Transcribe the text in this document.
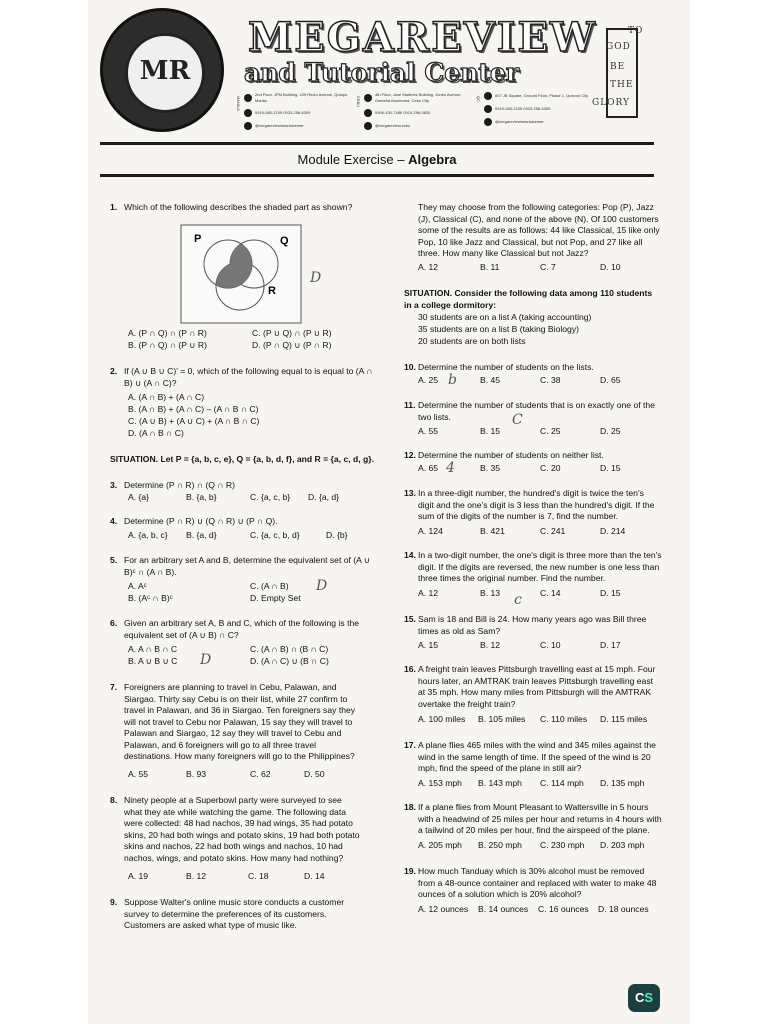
MR
MEGAREVIEW
and Tutorial Center
MANILA
2nd Floor, JPM Building, 229 Recto Avenue, Quiapo, Manila
0919-083-2155 0933-256-6309
@megareviewtutorialcenter
CEBU
4th Floor, Jose Martinez Building, Jones Avenue, Osmeña Boulevard, Cebu City
0906-430-7486 0915-296-0830
@megareview.cebu
QC
#07 JB Square, Ground Floor, Phase 1, Quezon City
0919-083-2155 0933-256-6309
@megareviewtutorialcenter
TO
GOD
BE
THE
GLORY
Module Exercise – Algebra
1. Which of the following describes the shaded part as shown?
P	Q
R
D
A. (P ∩ Q) ∩ (P ∩ R)	C. (P ∪ Q) ∩ (P ∪ R)
B. (P ∩ Q) ∩ (P ∪ R)	D. (P ∩ Q) ∪ (P ∩ R)
2. If (A ∪ B ∪ C)' = 0, which of the following equal to is equal to (A ∩ B) ∪ (A ∩ C)?
A. (A ∩ B) + (A ∩ C)
B. (A ∩ B) + (A ∩ C) – (A ∩ B ∩ C)
C. (A ∪ B) + (A ∪ C) + (A ∩ B ∩ C)
D. (A ∩ B ∩ C)
SITUATION. Let P = {a, b, c, e}, Q = {a, b, d, f}, and R = {a, c, d, g}.
3. Determine (P ∩ R) ∩ (Q ∩ R)
A. {a}	B. {a, b}	C. {a, c, b} D. {a, d}
4. Determine (P ∩ R) ∪ (Q ∩ R) ∪ (P ∩ Q).
A. {a, b, c} B. {a, d}	C. {a, c, b, d}	D. {b}
5. For an arbitrary set A and B, determine the equivalent set of (A ∪ B)ᶜ ∩ (A ∩ B).
A. Aᶜ	C. (A ∩ B)
B. (Aᶜ ∩ B)ᶜ	D. Empty Set
D
6. Given an arbitrary set A, B and C, which of the following is the equivalent set of (A ∪ B) ∩ C?
A. A ∩ B ∩ C	C. (A ∩ B) ∩ (B ∩ C)
B. A ∪ B ∪ C	D. (A ∩ C) ∪ (B ∩ C)
D
7. Foreigners are planning to travel in Cebu, Palawan, and Siargao. Thirty say Cebu is on their list, while 27 confirm to travel in Palawan, and 36 in Siargao. Ten foreigners say they will not travel to Cebu nor Palawan, 15 say they will travel to Palawan and Siargao, 12 say they will travel to Cebu and Palawan, and 6 foreigners will go to all three travel destinations. How many foreigners will go to the Philippines?
A. 55	B. 93	C. 62	D. 50
8. Ninety people at a Superbowl party were surveyed to see what they ate while watching the game. The following data were collected: 48 had nachos, 39 had wings, 35 had potato skins, 20 had both wings and potato skins, 19 had both potato skins and nachos, 22 had both wings and nachos, 10 had nachos, wings, and potato skins. How many had nothing?
A. 19	B. 12	C. 18	D. 14
9. Suppose Walter's online music store conducts a customer survey to determine the preferences of its customers. Customers are asked what type of music like.
They may choose from the following categories: Pop (P), Jazz (J), Classical (C), and none of the above (N). Of 100 customers some of the results are as follows: 44 like Classical, 15 like only Pop, 10 like Jazz and Classical, but not Pop, and 27 like all three. How many like Classical but not Jazz?
A. 12	B. 11	C. 7	D. 10
SITUATION. Consider the following data among 110 students in a college dormitory:
30 students are on a list A (taking accounting)
35 students are on a list B (taking Biology)
20 students are on both lists
10. Determine the number of students on the lists.
A. 25	B. 45	C. 38	D. 65
b
11. Determine the number of students that is on exactly one of the two lists.
A. 55	B. 15	C. 25	D. 25
C
12. Determine the number of students on neither list.
A. 65	B. 35	C. 20	D. 15
4
13. In a three-digit number, the hundred's digit is twice the ten's digit and the one's digit is 3 less than the hundred's digit. If the sum of the digits of the number is 7, find the number.
A. 124	B. 421	C. 241	D. 214
14. In a two-digit number, the one's digit is three more than the ten's digit. If the digits are reversed, the new number is one less than three times the original number. Find the number.
A. 12	B. 13	C. 14	D. 15
c
15. Sam is 18 and Bill is 24. How many years ago was Bill three times as old as Sam?
A. 15	B. 12	C. 10	D. 17
16. A freight train leaves Pittsburgh travelling east at 15 mph. Four hours later, an AMTRAK train leaves Pittsburgh travelling east at 35 mph. How many miles from Pittsburgh will the AMTRAK overtake the freight train?
A. 100 miles B. 105 miles C. 110 miles D. 115 miles
17. A plane flies 465 miles with the wind and 345 miles against the wind in the same length of time. If the speed of the wind is 20 mph, find the speed of the plane in still air?
A. 153 mph B. 143 mph C. 114 mph D. 135 mph
18. If a plane flies from Mount Pleasant to Waltersville in 5 hours with a headwind of 25 miles per hour and returns in 4 hours with a tailwind of 20 miles per hour, find the airspeed of the plane.
A. 205 mph B. 250 mph C. 230 mph D. 203 mph
19. How much Tanduay which is 30% alcohol must be removed from a 48-ounce container and replaced with water to make 48 ounces of a solution which is 20% alcohol?
A. 12 ounces B. 14 ounces C. 16 ounces D. 18 ounces
CS
